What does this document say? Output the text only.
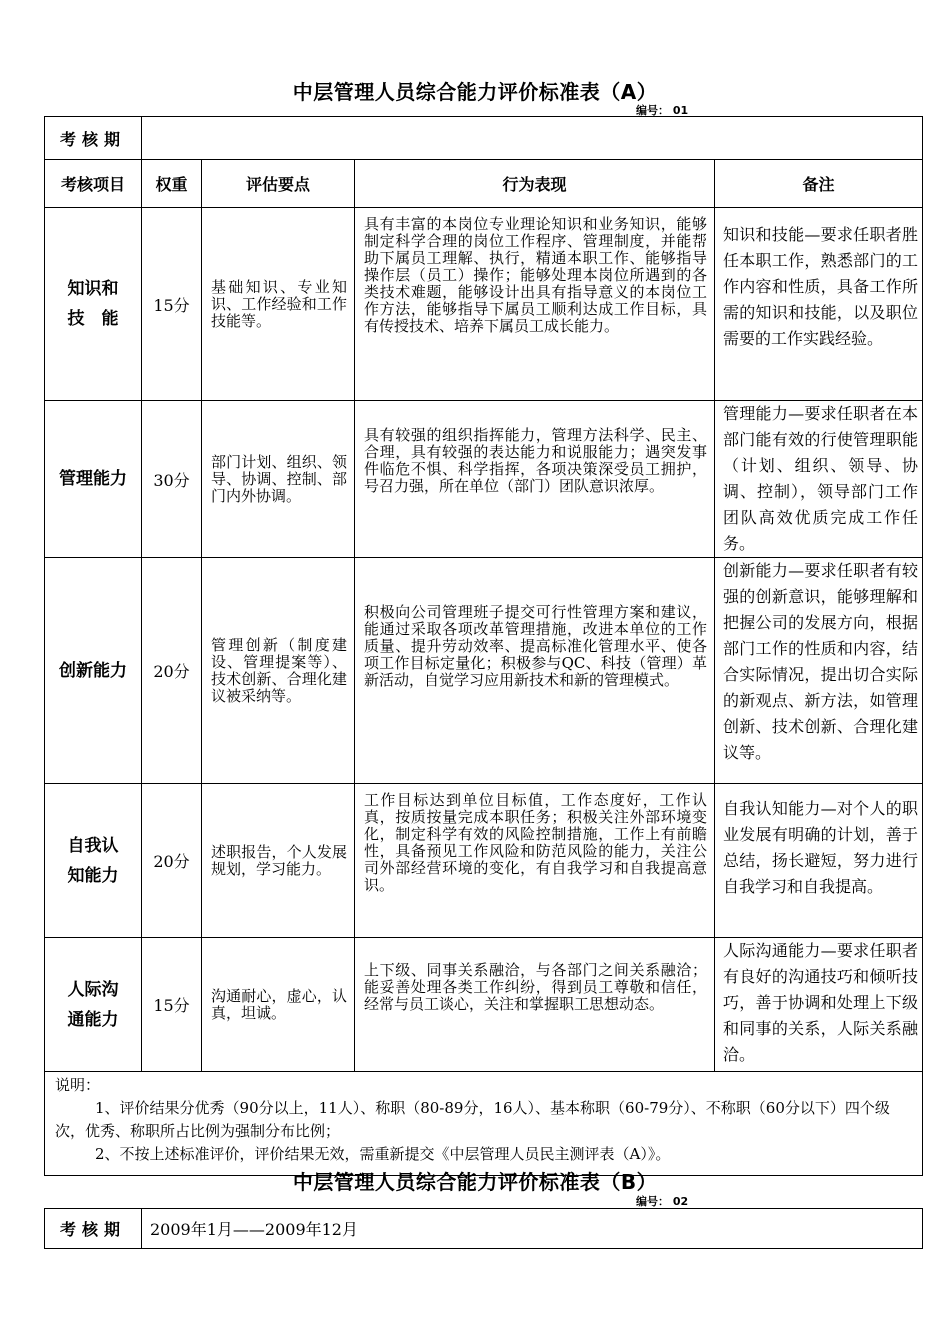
中层管理人员综合能力评价标准表（A）
编号： 01
考核期				
考核项目	权重	评估要点	行为表现	备注
知识和
技　能	15分	基础知识、专业知识、工作经验和工作技能等。	具有丰富的本岗位专业理论知识和业务知识，能够制定科学合理的岗位工作程序、管理制度，并能帮助下属员工理解、执行，精通本职工作、能够指导操作层（员工）操作；能够处理本岗位所遇到的各类技术难题，能够设计出具有指导意义的本岗位工作方法，能够指导下属员工顺利达成工作目标，具有传授技术、培养下属员工成长能力。	知识和技能—要求任职者胜任本职工作，熟悉部门的工作内容和性质，具备工作所需的知识和技能，以及职位需要的工作实践经验。
管理能力	30分	部门计划、组织、领导、协调、控制、部门内外协调。	具有较强的组织指挥能力，管理方法科学、民主、合理，具有较强的表达能力和说服能力；遇突发事件临危不惧、科学指挥，各项决策深受员工拥护，号召力强，所在单位（部门）团队意识浓厚。	管理能力—要求任职者在本部门能有效的行使管理职能（计划、组织、领导、协调、控制），领导部门工作团队高效优质完成工作任务。
创新能力	20分	管理创新（制度建设、管理提案等）、技术创新、合理化建议被采纳等。	积极向公司管理班子提交可行性管理方案和建议，能通过采取各项改革管理措施，改进本单位的工作质量、提升劳动效率、提高标准化管理水平、使各项工作目标定量化；积极参与QC、科技（管理）革新活动，自觉学习应用新技术和新的管理模式。	创新能力—要求任职者有较强的创新意识，能够理解和把握公司的发展方向，根据部门工作的性质和内容，结合实际情况，提出切合实际的新观点、新方法，如管理创新、技术创新、合理化建议等。
自我认
知能力	20分	述职报告，个人发展规划，学习能力。	工作目标达到单位目标值，工作态度好，工作认真，按质按量完成本职任务；积极关注外部环境变化，制定科学有效的风险控制措施，工作上有前瞻性，具备预见工作风险和防范风险的能力，关注公司外部经营环境的变化，有自我学习和自我提高意识。	自我认知能力—对个人的职业发展有明确的计划，善于总结，扬长避短，努力进行自我学习和自我提高。
人际沟
通能力	15分	沟通耐心，虚心，认真，坦诚。	上下级、同事关系融洽，与各部门之间关系融洽；能妥善处理各类工作纠纷，得到员工尊敬和信任，经常与员工谈心，关注和掌握职工思想动态。	人际沟通能力—要求任职者有良好的沟通技巧和倾听技巧，善于协调和处理上下级和同事的关系，人际关系融洽。

说明：

1、评价结果分优秀（90分以上，11人）、称职（80-89分，16人）、基本称职（60-79分）、不称职（60分以下）四个级次，优秀、称职所占比例为强制分布比例；

2、不按上述标准评价，评价结果无效，需重新提交《中层管理人员民主测评表（A）》。				

中层管理人员综合能力评价标准表（B）
编号： 02
考核期	2009年1月——2009年12月
